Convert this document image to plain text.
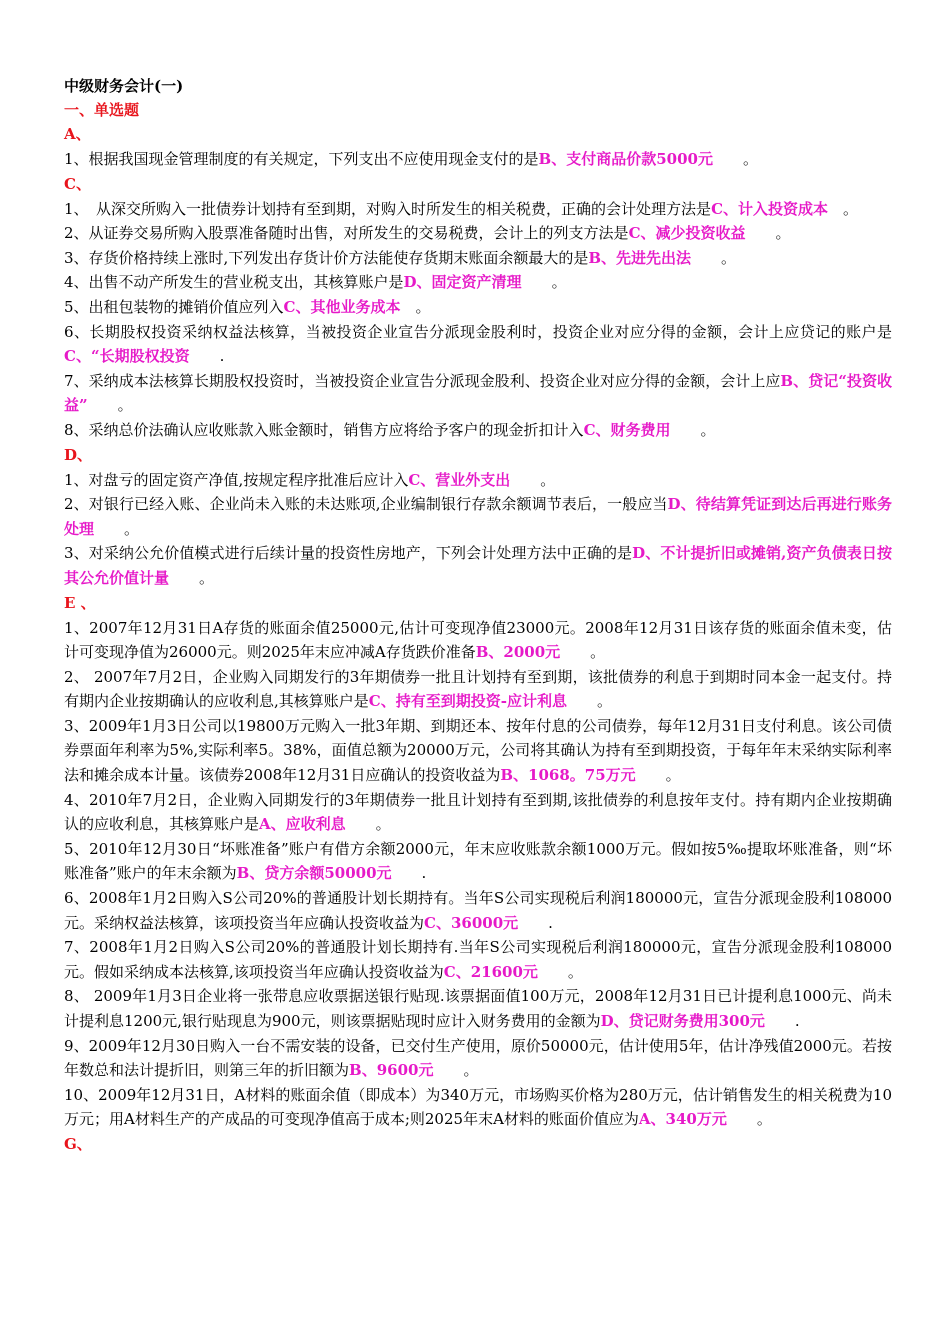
中级财务会计(一)

一、单选题

A、

1、根据我国现金管理制度的有关规定，下列支出不应使用现金支付的是B、支付商品价款5000元　　。

C、

1、　从深交所购入一批债券计划持有至到期，对购入时所发生的相关税费，正确的会计处理方法是C、计入投资成本　。

2、从证券交易所购入股票准备随时出售，对所发生的交易税费，会计上的列支方法是C、减少投资收益　　。

3、存货价格持续上涨时,下列发出存货计价方法能使存货期末账面余额最大的是B、先进先出法　　。

4、出售不动产所发生的营业税支出，其核算账户是D、固定资产清理　　。

5、出租包装物的摊销价值应列入C、其他业务成本　。

6、长期股权投资采纳权益法核算，当被投资企业宣告分派现金股利时，投资企业对应分得的金额，会计上应贷记的账户是C、“长期股权投资　　.

7、采纳成本法核算长期股权投资时，当被投资企业宣告分派现金股利、投资企业对应分得的金额，会计上应B、贷记“投资收益”　　。

8、采纳总价法确认应收账款入账金额时，销售方应将给予客户的现金折扣计入C、财务费用　　。

D、

1、对盘亏的固定资产净值,按规定程序批准后应计入C、营业外支出　　。

2、对银行已经入账、企业尚未入账的未达账项,企业编制银行存款余额调节表后，一般应当D、待结算凭证到达后再进行账务处理　　。

3、对采纳公允价值模式进行后续计量的投资性房地产，下列会计处理方法中正确的是D、不计提折旧或摊销,资产负债表日按其公允价值计量　　。

E 、

1、2007年12月31日A存货的账面余值25000元,估计可变现净值23000元。2008年12月31日该存货的账面余值未变，估计可变现净值为26000元。则2025年末应冲减A存货跌价准备B、2000元　　。

2、 2007年7月2日，企业购入同期发行的3年期债券一批且计划持有至到期，该批债券的利息于到期时同本金一起支付。持有期内企业按期确认的应收利息,其核算账户是C、持有至到期投资-应计利息　　。

3、2009年1月3日公司以19800万元购入一批3年期、到期还本、按年付息的公司债券，每年12月31日支付利息。该公司债券票面年利率为5%,实际利率5。38%，面值总额为20000万元，公司将其确认为持有至到期投资，于每年年末采纳实际利率法和摊余成本计量。该债券2008年12月31日应确认的投资收益为B、1068。75万元　　。

4、2010年7月2日，企业购入同期发行的3年期债券一批且计划持有至到期,该批债券的利息按年支付。持有期内企业按期确认的应收利息，其核算账户是A、应收利息　　。

5、2010年12月30日“坏账准备”账户有借方余额2000元，年末应收账款余额1000万元。假如按5‰提取坏账准备，则“坏账准备”账户的年末余额为B、贷方余额50000元　　.

6、2008年1月2日购入S公司20%的普通股计划长期持有。当年S公司实现税后利润180000元，宣告分派现金股利108000元。采纳权益法核算，该项投资当年应确认投资收益为C、36000元　　.

7、2008年1月2日购入S公司20%的普通股计划长期持有.当年S公司实现税后利润180000元，宣告分派现金股利108000元。假如采纳成本法核算,该项投资当年应确认投资收益为C、21600元　　。

8、 2009年1月3日企业将一张带息应收票据送银行贴现.该票据面值100万元，2008年12月31日已计提利息1000元、尚未计提利息1200元,银行贴现息为900元，则该票据贴现时应计入财务费用的金额为D、贷记财务费用300元　　.

9、2009年12月30日购入一台不需安装的设备，已交付生产使用，原价50000元，估计使用5年，估计净残值2000元。若按年数总和法计提折旧，则第三年的折旧额为B、9600元　　。

10、2009年12月31日，A材料的账面余值（即成本）为340万元，市场购买价格为280万元，估计销售发生的相关税费为10万元；用A材料生产的产成品的可变现净值高于成本;则2025年末A材料的账面价值应为A、340万元　　。

G、
